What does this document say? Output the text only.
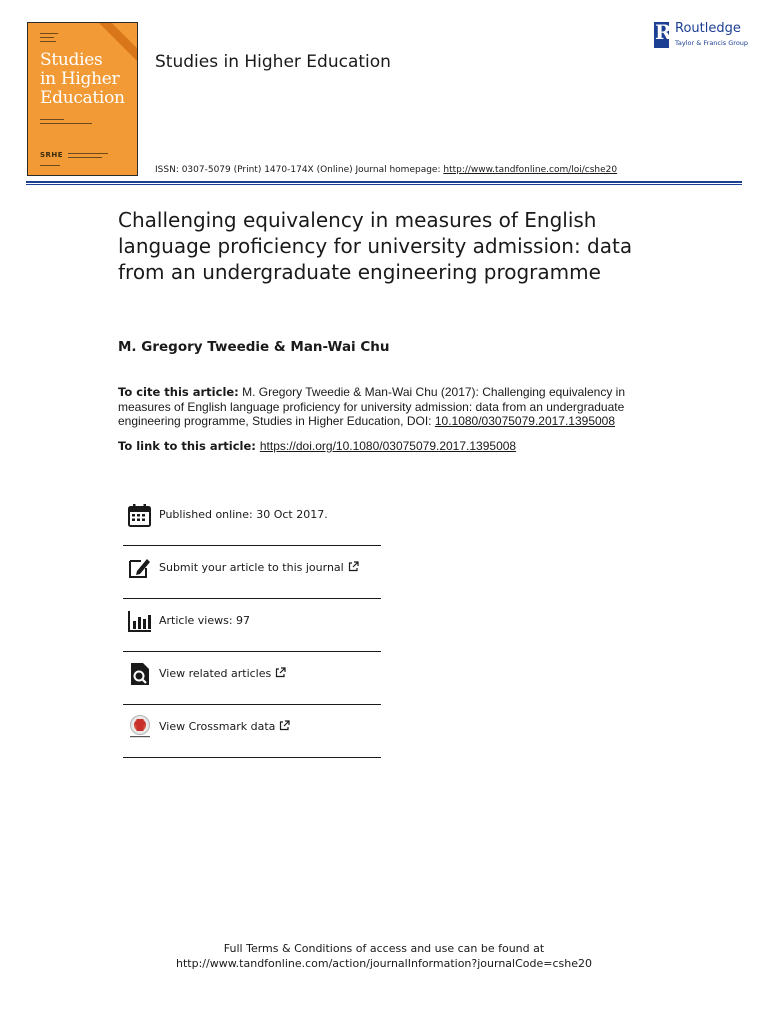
Studies
in Higher
Education
SRHE
Studies in Higher Education
ISSN: 0307-5079 (Print) 1470-174X (Online) Journal homepage: http://www.tandfonline.com/loi/cshe20
R Routledge
Taylor & Francis Group
Challenging equivalency in measures of English language proficiency for university admission: data from an undergraduate engineering programme
M. Gregory Tweedie & Man-Wai Chu
To cite this article: M. Gregory Tweedie & Man-Wai Chu (2017): Challenging equivalency in measures of English language proficiency for university admission: data from an undergraduate engineering programme, Studies in Higher Education, DOI: 10.1080/03075079.2017.1395008
To link to this article: https://doi.org/10.1080/03075079.2017.1395008
Published online: 30 Oct 2017.
Submit your article to this journal
Article views: 97
View related articles
View Crossmark data
Full Terms & Conditions of access and use can be found at
http://www.tandfonline.com/action/journalInformation?journalCode=cshe20
